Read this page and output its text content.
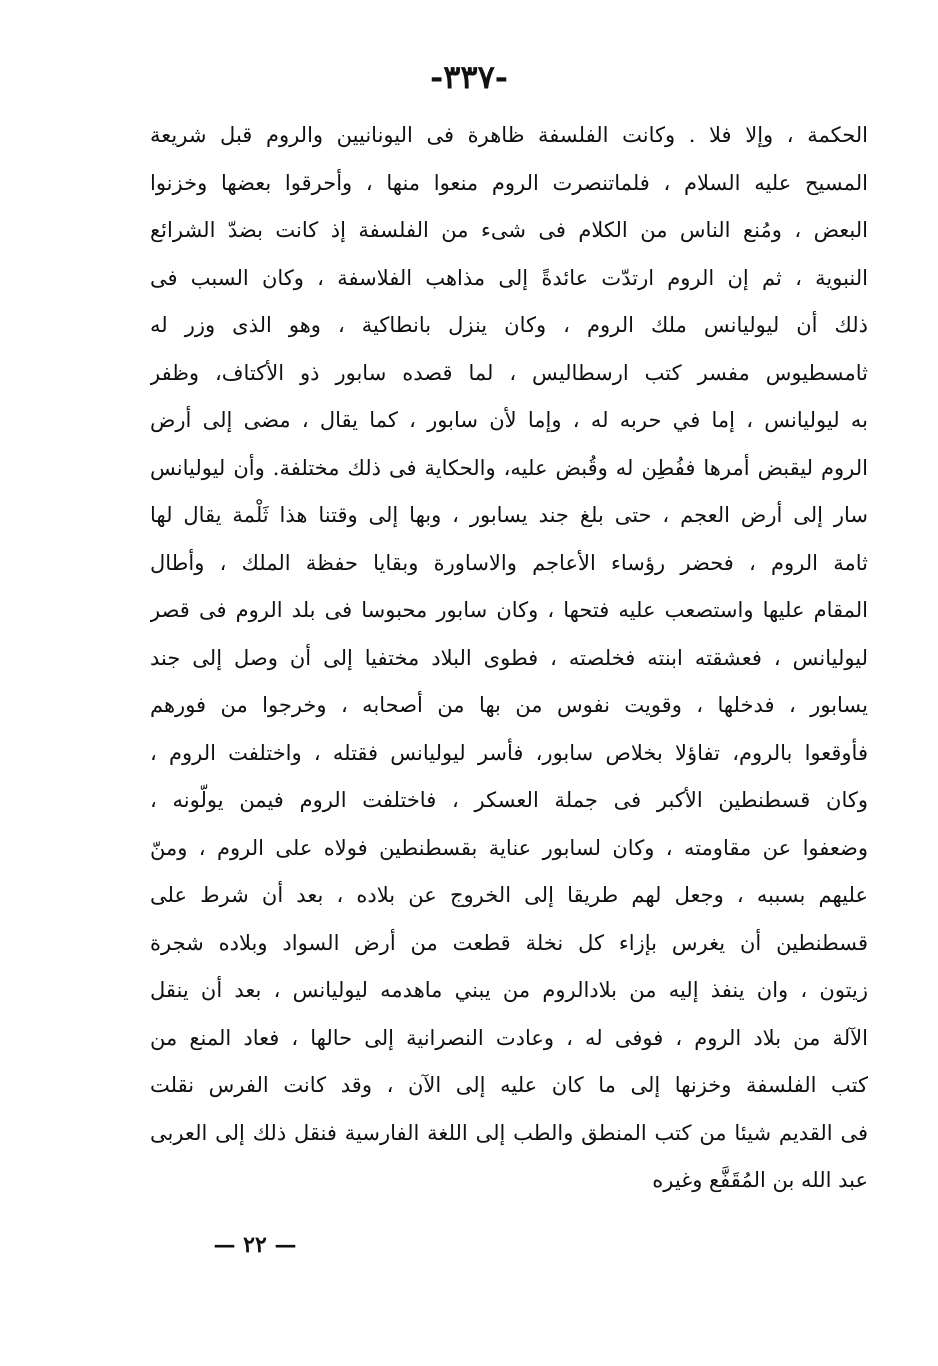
-٣٣٧-
الحكمة ، وإلا فلا . وكانت الفلسفة ظاهرة فى اليونانيين والروم قبل شريعة
المسيح عليه السلام ، فلماتنصرت الروم منعوا منها ، وأحرقوا بعضها وخزنوا
البعض ، ومُنع الناس من الكلام فى شىء من الفلسفة إذ كانت بضدّ الشرائع
النبوية ، ثم إن الروم ارتدّت عائدةً إلى مذاهب الفلاسفة ، وكان السبب فى
ذلك أن ليوليانس ملك الروم ، وكان ينزل بانطاكية ، وهو الذى وزر له
ثامسطيوس مفسر كتب ارسطاليس ، لما قصده سابور ذو الأكتاف، وظفر
به ليوليانس ، إما في حربه له ، وإما لأن سابور ، كما يقال ، مضى إلى أرض
الروم ليقبض أمرها ففُطِن له وقُبض عليه، والحكاية فى ذلك مختلفة. وأن ليوليانس
سار إلى أرض العجم ، حتى بلغ جند يسابور ، وبها إلى وقتنا هذا ثَلْمة يقال لها
ثامة الروم ، فحضر رؤساء الأعاجم والاساورة وبقايا حفظة الملك ، وأطال
المقام عليها واستصعب عليه فتحها ، وكان سابور محبوسا فى بلد الروم فى قصر
ليوليانس ، فعشقته ابنته فخلصته ، فطوى البلاد مختفيا إلى أن وصل إلى جند
يسابور ، فدخلها ، وقويت نفوس من بها من أصحابه ، وخرجوا من فورهم
فأوقعوا بالروم، تفاؤلا بخلاص سابور، فأسر ليوليانس فقتله ، واختلفت الروم ،
وكان قسطنطين الأكبر فى جملة العسكر ، فاختلفت الروم فيمن يولّونه ،
وضعفوا عن مقاومته ، وكان لسابور عناية بقسطنطين فولاه على الروم ، ومنّ
عليهم بسببه ، وجعل لهم طريقا إلى الخروج عن بلاده ، بعد أن شرط على
قسطنطين أن يغرس بإزاء كل نخلة قطعت من أرض السواد وبلاده شجرة
زيتون ، وان ينفذ إليه من بلادالروم من يبني ماهدمه ليوليانس ، بعد أن ينقل
الآلة من بلاد الروم ، فوفى له ، وعادت النصرانية إلى حالها ، فعاد المنع من
كتب الفلسفة وخزنها إلى ما كان عليه إلى الآن ، وقد كانت الفرس نقلت
فى القديم شيئا من كتب المنطق والطب إلى اللغة الفارسية فنقل ذلك إلى العربى
عبد الله بن المُقَفَّع وغيره
— ٢٢ —
